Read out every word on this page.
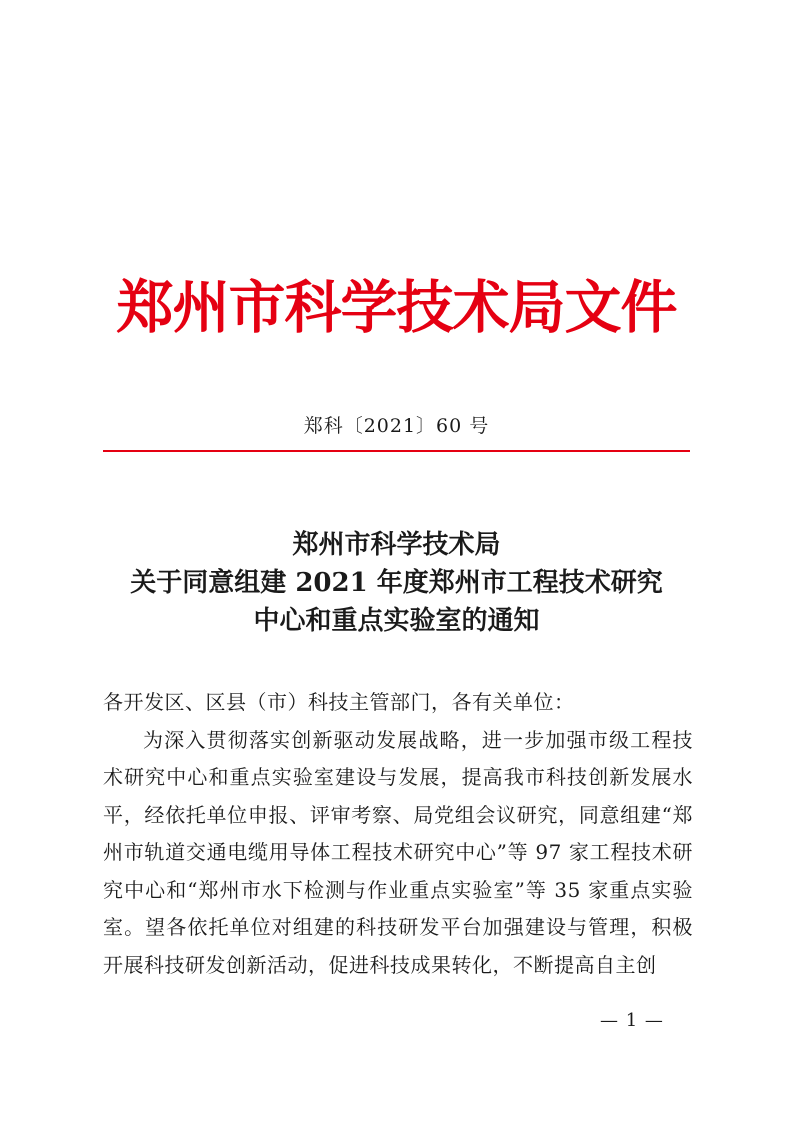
郑州市科学技术局文件
郑科〔2021〕60 号
郑州市科学技术局
关于同意组建 2021 年度郑州市工程技术研究
中心和重点实验室的通知
各开发区、区县（市）科技主管部门，各有关单位：
为深入贯彻落实创新驱动发展战略，进一步加强市级工程技术研究中心和重点实验室建设与发展，提高我市科技创新发展水平，经依托单位申报、评审考察、局党组会议研究，同意组建“郑州市轨道交通电缆用导体工程技术研究中心”等 97 家工程技术研究中心和“郑州市水下检测与作业重点实验室”等 35 家重点实验室。望各依托单位对组建的科技研发平台加强建设与管理，积极开展科技研发创新活动，促进科技成果转化，不断提高自主创
— 1 —
